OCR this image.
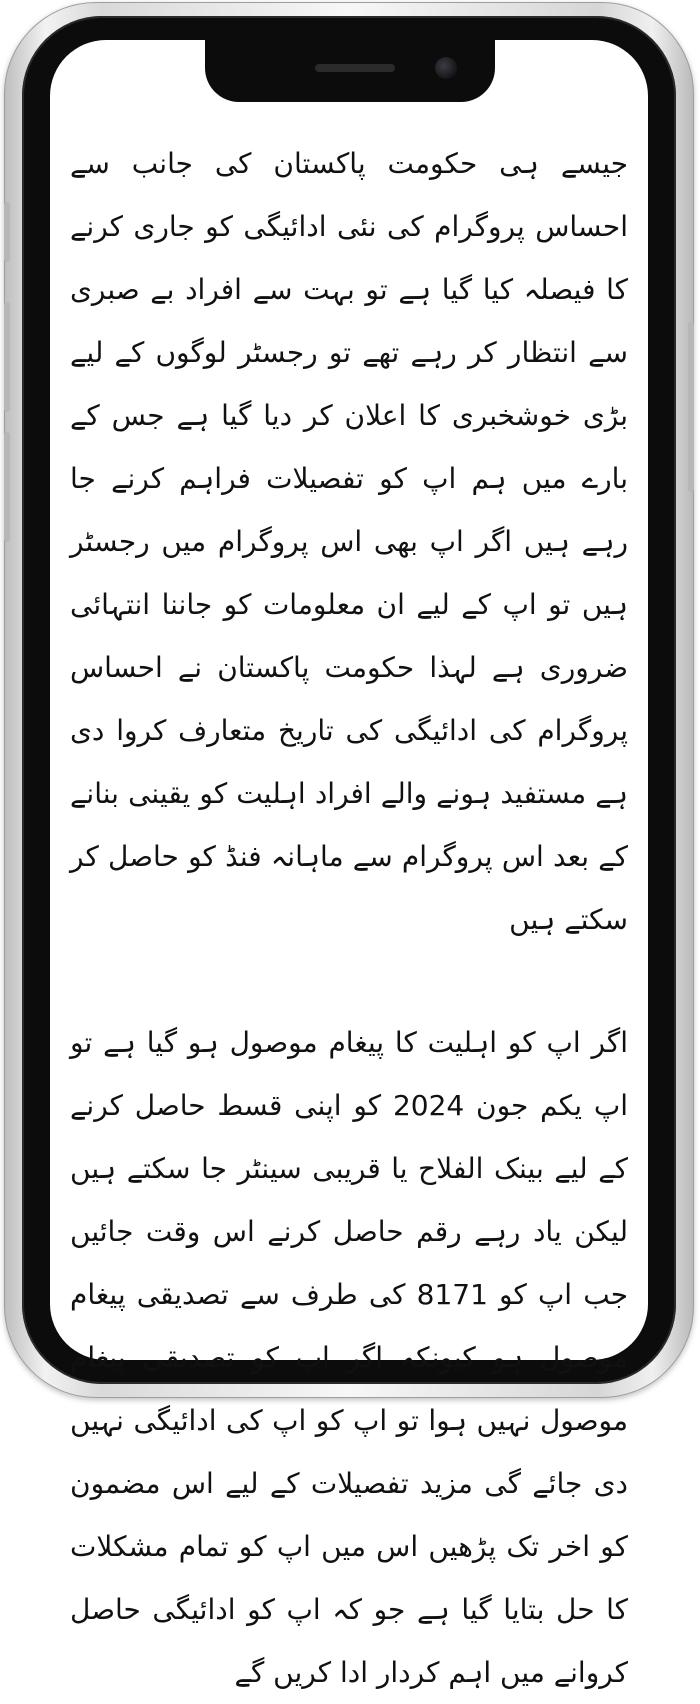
جیسے ہی حکومت پاکستان کی جانب سے احساس پروگرام کی نئی ادائیگی کو جاری کرنے کا فیصلہ کیا گیا ہے تو بہت سے افراد بے صبری سے انتظار کر رہے تھے تو رجسٹر لوگوں کے لیے بڑی خوشخبری کا اعلان کر دیا گیا ہے جس کے بارے میں ہم اپ کو تفصیلات فراہم کرنے جا رہے ہیں اگر اپ بھی اس پروگرام میں رجسٹر ہیں تو اپ کے لیے ان معلومات کو جاننا انتہائی ضروری ہے لہذا حکومت پاکستان نے احساس پروگرام کی ادائیگی کی تاریخ متعارف کروا دی ہے مستفید ہونے والے افراد اہلیت کو یقینی بنانے کے بعد اس پروگرام سے ماہانہ فنڈ کو حاصل کر سکتے ہیں

اگر اپ کو اہلیت کا پیغام موصول ہو گیا ہے تو اپ یکم جون 2024 کو اپنی قسط حاصل کرنے کے لیے بینک الفلاح یا قریبی سینٹر جا سکتے ہیں لیکن یاد رہے رقم حاصل کرنے اس وقت جائیں جب اپ کو 8171 کی طرف سے تصدیقی پیغام موصول ہو کیونکہ اگر اپ کو تصدیقی پیغام موصول نہیں ہوا تو اپ کو اپ کی ادائیگی نہیں دی جائے گی مزید تفصیلات کے لیے اس مضمون کو اخر تک پڑھیں اس میں اپ کو تمام مشکلات کا حل بتایا گیا ہے جو کہ اپ کو ادائیگی حاصل کروانے میں اہم کردار ادا کریں گے
